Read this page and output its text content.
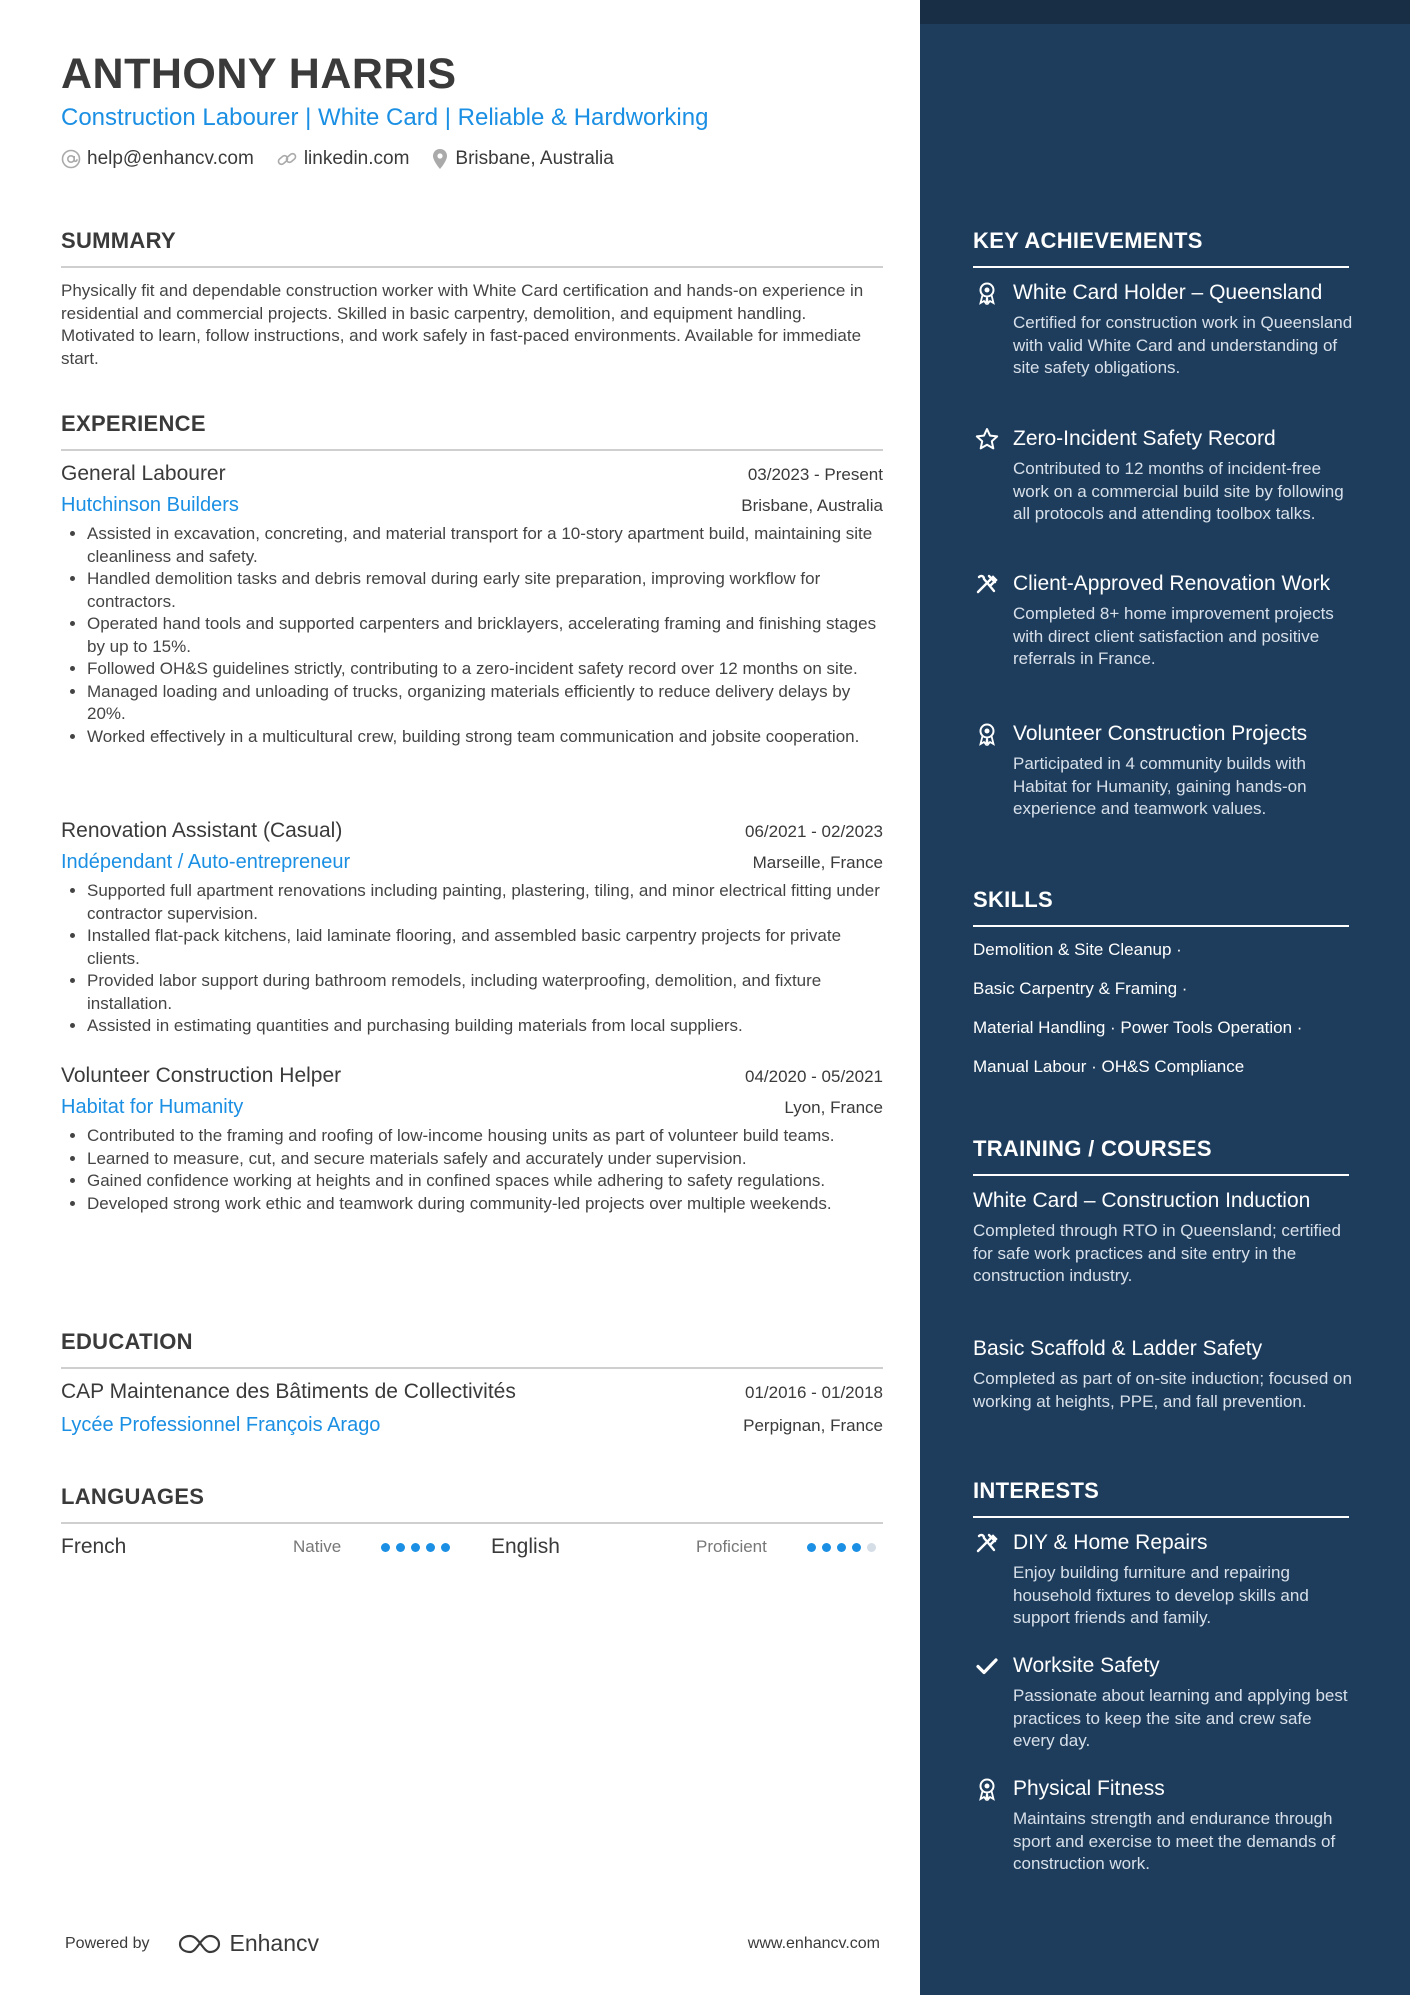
ANTHONY HARRIS
Construction Labourer | White Card | Reliable & Hardworking
help@enhancv.com	linkedin.com Brisbane, Australia
SUMMARY

Physically fit and dependable construction worker with White Card certification and hands-on experience in residential and commercial projects. Skilled in basic carpentry, demolition, and equipment handling. Motivated to learn, follow instructions, and work safely in fast-paced environments. Available for immediate start.

EXPERIENCE
General Labourer	03/2023 - Present
Hutchinson Builders	Brisbane, Australia
• Assisted in excavation, concreting, and material transport for a 10-story apartment build, maintaining site cleanliness and safety.
• Handled demolition tasks and debris removal during early site preparation, improving workflow for contractors.
• Operated hand tools and supported carpenters and bricklayers, accelerating framing and finishing stages by up to 15%.
• Followed OH&S guidelines strictly, contributing to a zero-incident safety record over 12 months on site.
• Managed loading and unloading of trucks, organizing materials efficiently to reduce delivery delays by 20%.
• Worked effectively in a multicultural crew, building strong team communication and jobsite cooperation.
Renovation Assistant (Casual)	06/2021 - 02/2023
Indépendant / Auto-entrepreneur	Marseille, France
• Supported full apartment renovations including painting, plastering, tiling, and minor electrical fitting under contractor supervision.
• Installed flat-pack kitchens, laid laminate flooring, and assembled basic carpentry projects for private clients.
• Provided labor support during bathroom remodels, including waterproofing, demolition, and fixture installation.
• Assisted in estimating quantities and purchasing building materials from local suppliers.
Volunteer Construction Helper	04/2020 - 05/2021
Habitat for Humanity	Lyon, France
• Contributed to the framing and roofing of low-income housing units as part of volunteer build teams.
• Learned to measure, cut, and secure materials safely and accurately under supervision.
• Gained confidence working at heights and in confined spaces while adhering to safety regulations.
• Developed strong work ethic and teamwork during community-led projects over multiple weekends.
EDUCATION
CAP Maintenance des Bâtiments de Collectivités	01/2016 - 01/2018
Lycée Professionnel François Arago	Perpignan, France
LANGUAGES
French	Native	English	Proficient
Powered by	Enhancv	www.enhancv.com
KEY ACHIEVEMENTS
White Card Holder – Queensland
Certified for construction work in Queensland with valid White Card and understanding of site safety obligations.
Zero-Incident Safety Record
Contributed to 12 months of incident-free work on a commercial build site by following all protocols and attending toolbox talks.
Client-Approved Renovation Work
Completed 8+ home improvement projects with direct client satisfaction and positive referrals in France.
Volunteer Construction Projects
Participated in 4 community builds with Habitat for Humanity, gaining hands-on experience and teamwork values.
SKILLS
Demolition & Site Cleanup ·
Basic Carpentry & Framing ·
Material Handling · Power Tools Operation ·
Manual Labour · OH&S Compliance
TRAINING / COURSES
White Card – Construction Induction
Completed through RTO in Queensland; certified for safe work practices and site entry in the construction industry.
Basic Scaffold & Ladder Safety
Completed as part of on-site induction; focused on working at heights, PPE, and fall prevention.
INTERESTS
DIY & Home Repairs
Enjoy building furniture and repairing household fixtures to develop skills and support friends and family.
Worksite Safety
Passionate about learning and applying best practices to keep the site and crew safe every day.
Physical Fitness
Maintains strength and endurance through sport and exercise to meet the demands of construction work.
